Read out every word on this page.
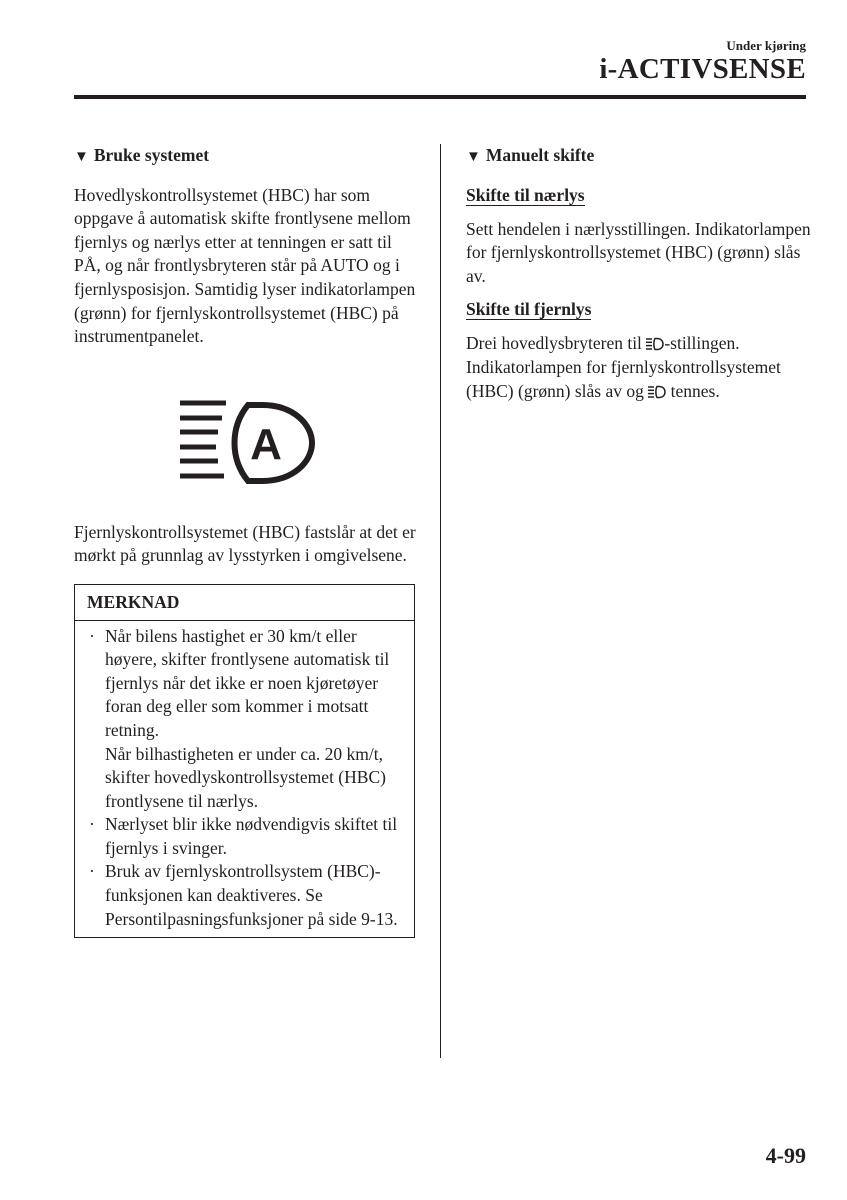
Under kjøring
i-ACTIVSENSE
▼ Bruke systemet

Hovedlyskontrollsystemet (HBC) har som oppgave å automatisk skifte frontlysene mellom fjernlys og nærlys etter at tenningen er satt til PÅ, og når frontlysbryteren står på AUTO og i fjernlysposisjon. Samtidig lyser indikatorlampen (grønn) for fjernlyskontrollsystemet (HBC) på instrumentpanelet.

A

Fjernlyskontrollsystemet (HBC) fastslår at det er mørkt på grunnlag av lysstyrken i omgivelsene.

MERKNAD
· Når bilens hastighet er 30 km/t eller høyere, skifter frontlysene automatisk til fjernlys når det ikke er noen kjøretøyer foran deg eller som kommer i motsatt retning.

Når bilhastigheten er under ca. 20 km/t, skifter hovedlyskontrollsystemet (HBC) frontlysene til nærlys.

· Nærlyset blir ikke nødvendigvis skiftet til fjernlys i svinger.

· Bruk av fjernlyskontrollsystem (HBC)-funksjonen kan deaktiveres. Se Persontilpasningsfunksjoner på side 9-13.

▼ Manuelt skifte
Skifte til nærlys

Sett hendelen i nærlysstillingen. Indikatorlampen for fjernlyskontrollsystemet (HBC) (grønn) slås av.

Skifte til fjernlys

Drei hovedlysbryteren til -stillingen. Indikatorlampen for fjernlyskontrollsystemet (HBC) (grønn) slås av og  tennes.

4-99
